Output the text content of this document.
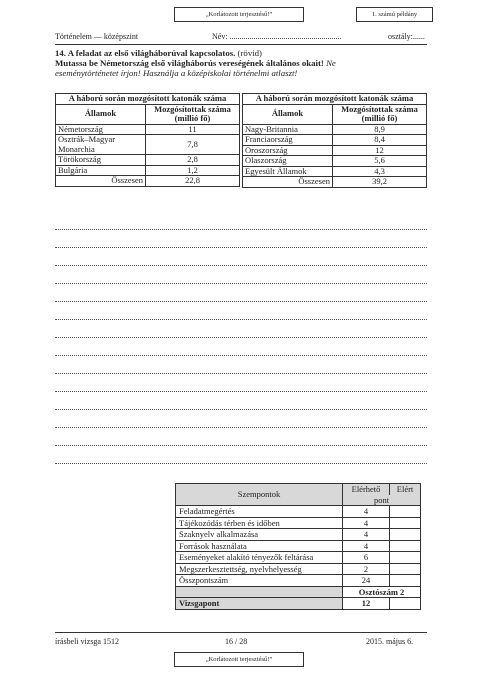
„Korlátozott terjesztésű!”	1. számú példány
Történelem — középszint	Név: ........................................................	osztály:......
14. A feladat az első világháborúval kapcsolatos. (rövid)
Mutassa be Németország első világháborús vereségének általános okait! Ne
eseménytörténetet írjon! Használja a középiskolai történelmi atlaszt!
A háború során mozgósított katonák száma	
Államok	Mozgósítottak száma (millió fő)
Németország	11
Osztrák–Magyar Monarchia	7,8
Törökország	2,8
Bulgária	1,2
Összesen	22,8
A háború során mozgósított katonák száma	
Államok	Mozgósítottak száma (millió fő)
Nagy-Britannia	8,9
Franciaország	8,4
Oroszország	12
Olaszország	5,6
Egyesült Államok	4,3
Összesen	39,2
Szempontok	Elérhető	Elért
	pont	
Feladatmegértés	4	
Tájékozódás térben és időben	4	
Szaknyelv alkalmazása	4	
Források használata	4	
Eseményeket alakító tényezők feltárása	6	
Megszerkesztettség, nyelvhelyesség	2	
Összpontszám	24	
	Osztószám 2	
Vizsgapont	12	
írásbeli vizsga 1512	16 / 28	2015. május 6.
„Korlátozott terjesztésű!”
